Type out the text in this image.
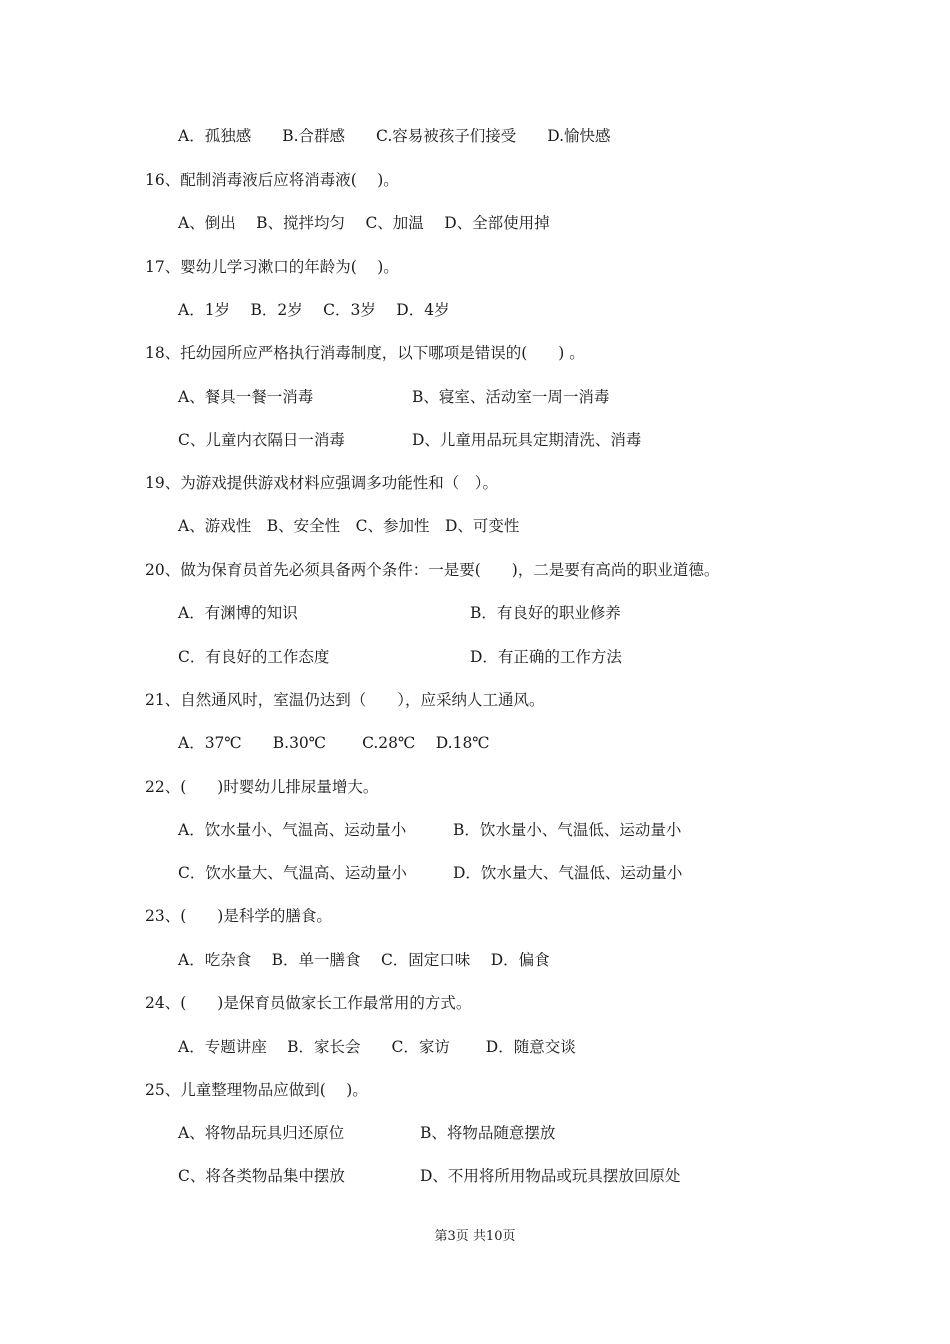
A．孤独感　　B.合群感　　C.容易被孩子们接受　　D.愉快感
16、配制消毒液后应将消毒液(　 )。
A、倒出　 B、搅拌均匀　 C、加温　 D、全部使用掉
17、婴幼儿学习漱口的年龄为(　 )。
A．1岁　 B．2岁　 C．3岁　 D．4岁
18、托幼园所应严格执行消毒制度，以下哪项是错误的(　　) 。
A、餐具一餐一消毒	B、寝室、活动室一周一消毒
C、儿童内衣隔日一消毒	D、儿童用品玩具定期清洗、消毒
19、为游戏提供游戏材料应强调多功能性和（　）。
A、游戏性　B、安全性　C、参加性　D、可变性
20、做为保育员首先必须具备两个条件：一是要(　　)，二是要有高尚的职业道德。
A．有渊博的知识	B．有良好的职业修养
C．有良好的工作态度	D．有正确的工作方法
21、自然通风时，室温仍达到（　　），应采纳人工通风。
A．37℃　　B.30℃　　 C.28℃　 D.18℃
22、(　　)时婴幼儿排尿量增大。
A．饮水量小、气温高、运动量小	B．饮水量小、气温低、运动量小
C．饮水量大、气温高、运动量小	D．饮水量大、气温低、运动量小
23、(　　)是科学的膳食。
A．吃杂食　 B．单一膳食　 C．固定口味　 D．偏食
24、(　　)是保育员做家长工作最常用的方式。
A．专题讲座　 B．家长会　　C．家访　　 D．随意交谈
25、儿童整理物品应做到(　 )。
A、将物品玩具归还原位	B、将物品随意摆放
C、将各类物品集中摆放	D、不用将所用物品或玩具摆放回原处
第3页 共10页
